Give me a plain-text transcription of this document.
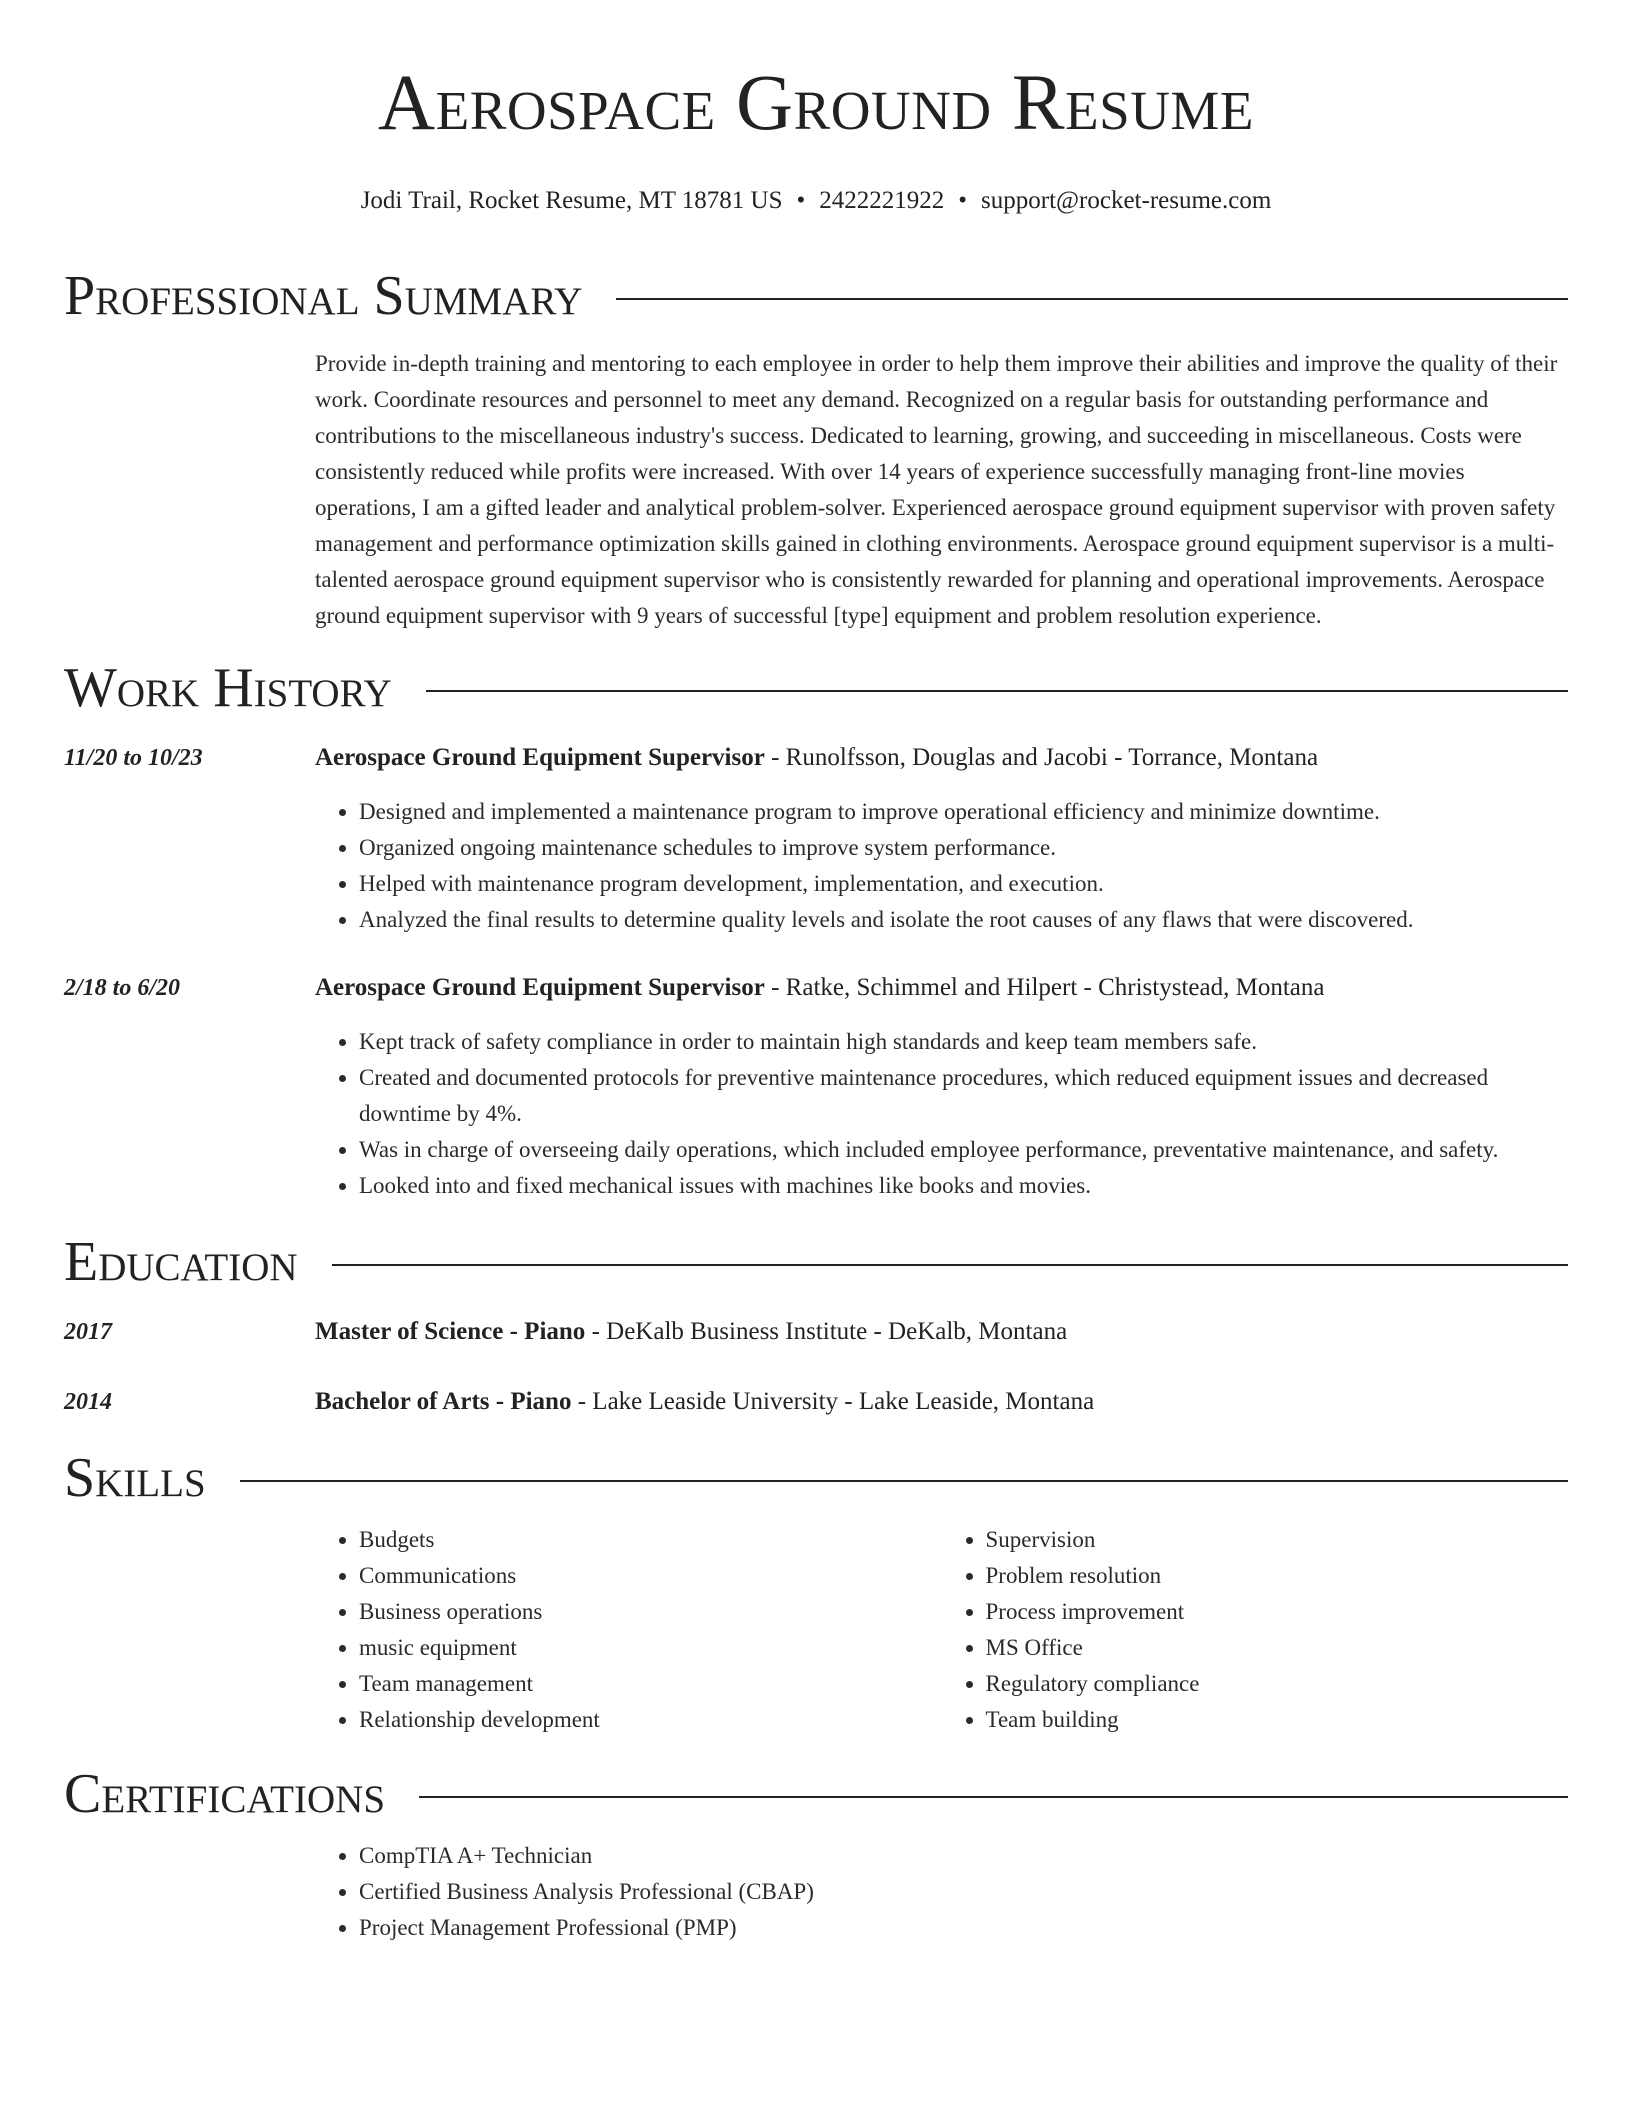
Aerospace Ground Resume
Jodi Trail, Rocket Resume, MT 18781 US • 2422221922 • support@rocket-resume.com
Professional Summary
Provide in-depth training and mentoring to each employee in order to help them improve their abilities and improve the quality of their work. Coordinate resources and personnel to meet any demand. Recognized on a regular basis for outstanding performance and contributions to the miscellaneous industry's success. Dedicated to learning, growing, and succeeding in miscellaneous. Costs were consistently reduced while profits were increased. With over 14 years of experience successfully managing front-line movies operations, I am a gifted leader and analytical problem-solver. Experienced aerospace ground equipment supervisor with proven safety management and performance optimization skills gained in clothing environments. Aerospace ground equipment supervisor is a multi-talented aerospace ground equipment supervisor who is consistently rewarded for planning and operational improvements. Aerospace ground equipment supervisor with 9 years of successful [type] equipment and problem resolution experience.
Work History
11/20 to 10/23	Aerospace Ground Equipment Supervisor - Runolfsson, Douglas and Jacobi - Torrance, Montana
• Designed and implemented a maintenance program to improve operational efficiency and minimize downtime.
• Organized ongoing maintenance schedules to improve system performance.
• Helped with maintenance program development, implementation, and execution.
• Analyzed the final results to determine quality levels and isolate the root causes of any flaws that were discovered.
2/18 to 6/20	Aerospace Ground Equipment Supervisor - Ratke, Schimmel and Hilpert - Christystead, Montana
• Kept track of safety compliance in order to maintain high standards and keep team members safe.
• Created and documented protocols for preventive maintenance procedures, which reduced equipment issues and decreased downtime by 4%.
• Was in charge of overseeing daily operations, which included employee performance, preventative maintenance, and safety.
• Looked into and fixed mechanical issues with machines like books and movies.
Education
2017	Master of Science - Piano - DeKalb Business Institute - DeKalb, Montana
2014	Bachelor of Arts - Piano - Lake Leaside University - Lake Leaside, Montana
Skills
• Budgets
• Communications
• Business operations
• music equipment
• Team management
• Relationship development
• Supervision
• Problem resolution
• Process improvement
• MS Office
• Regulatory compliance
• Team building
Certifications
• CompTIA A+ Technician
• Certified Business Analysis Professional (CBAP)
• Project Management Professional (PMP)
